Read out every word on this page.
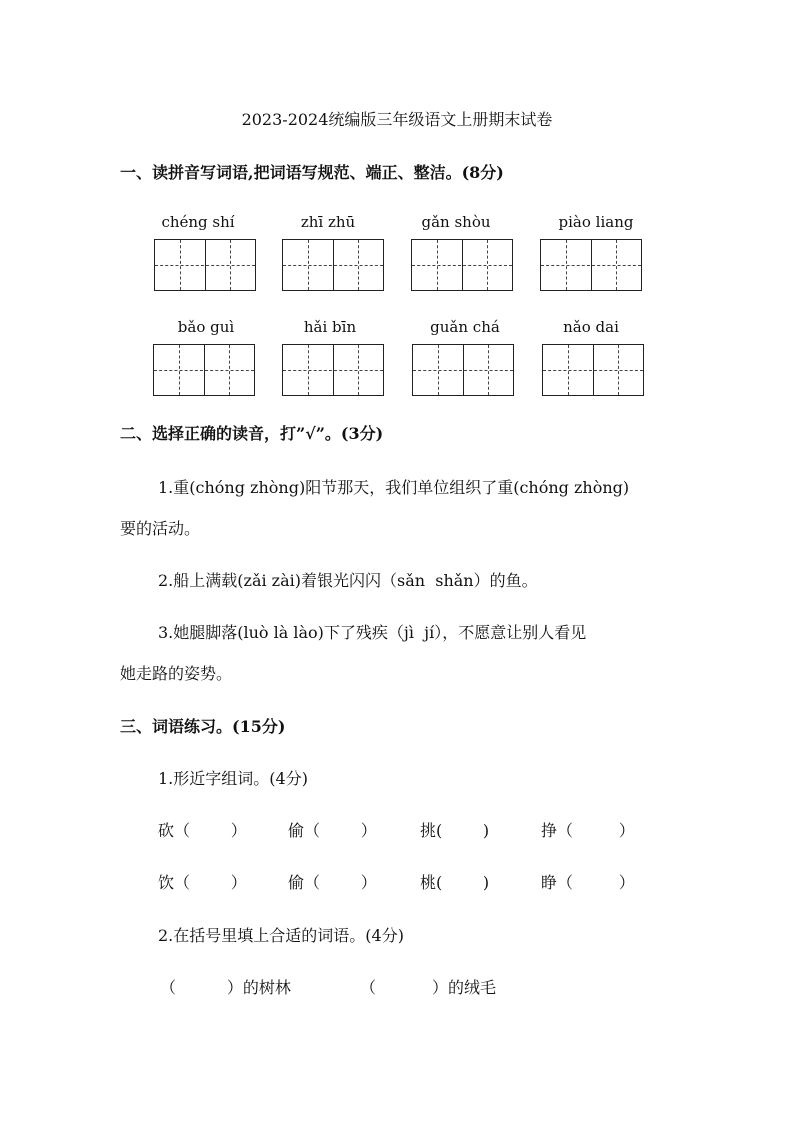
2023-2024统编版三年级语文上册期末试卷
一、读拼音写词语,把词语写规范、端正、整洁。(8分)
chéng shí	zhī zhū	gǎn shòu	piào liang
bǎo guì	hǎi bīn	guǎn chá	nǎo dai
二、选择正确的读音，打”√”。(3分)
1.重(chóng zhòng)阳节那天，我们单位组织了重(chóng zhòng)
要的活动。
2.船上满载(zǎi zài)着银光闪闪（sǎn  shǎn）的鱼。
3.她腿脚落(luò là lào)下了残疾（jì  jí），不愿意让别人看见
她走路的姿势。
三、词语练习。(15分)
1.形近字组词。(4分)
砍（        ）	偷（        ）	挑(        )	挣（         ）
饮（        ）	偷（        ）	桃(        )	睁（         ）
2.在括号里填上合适的词语。(4分)
（          ）的树林	（           ）的绒毛
